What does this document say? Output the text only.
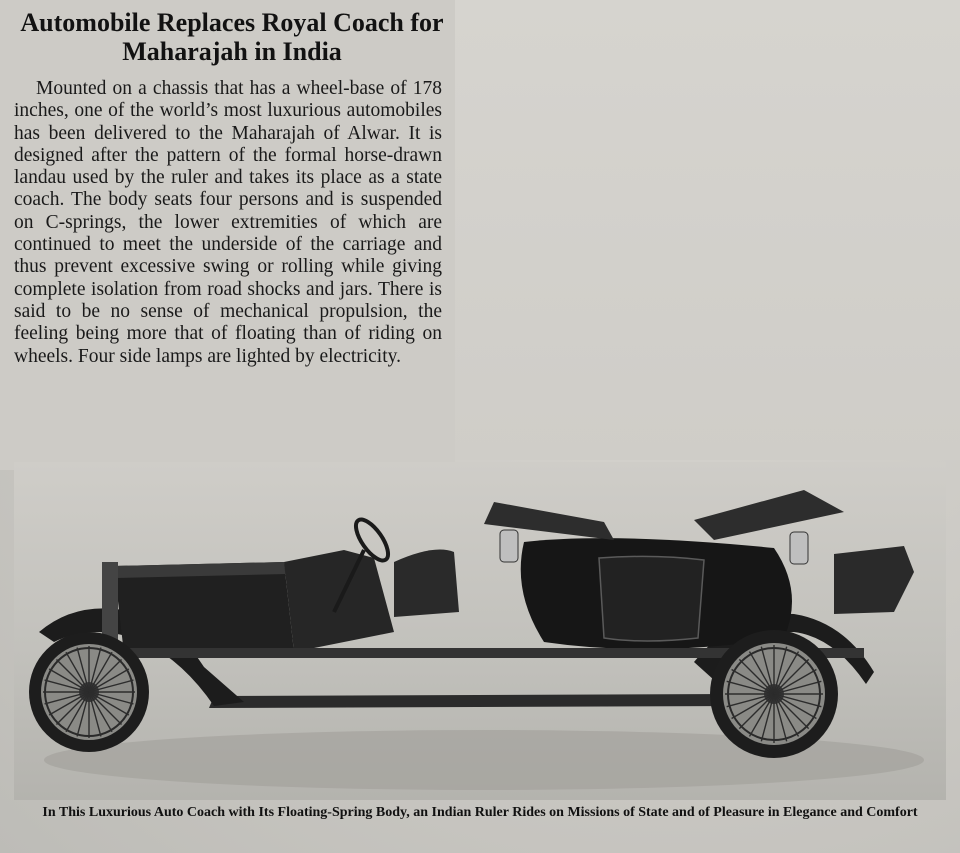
Automobile Replaces Royal Coach for Maharajah in India

Mounted on a chassis that has a wheel-base of 178 inches, one of the world’s most luxurious automobiles has been delivered to the Maharajah of Alwar. It is designed after the pattern of the formal horse-drawn landau used by the ruler and takes its place as a state coach. The body seats four persons and is suspended on C-springs, the lower extremities of which are continued to meet the underside of the carriage and thus prevent excessive swing or rolling while giving complete isolation from road shocks and jars. There is said to be no sense of mechanical propulsion, the feeling being more that of floating than of riding on wheels. Four side lamps are lighted by electricity.

In This Luxurious Auto Coach with Its Floating-Spring Body, an Indian Ruler Rides on Missions of State and of Pleasure in Elegance and Comfort
